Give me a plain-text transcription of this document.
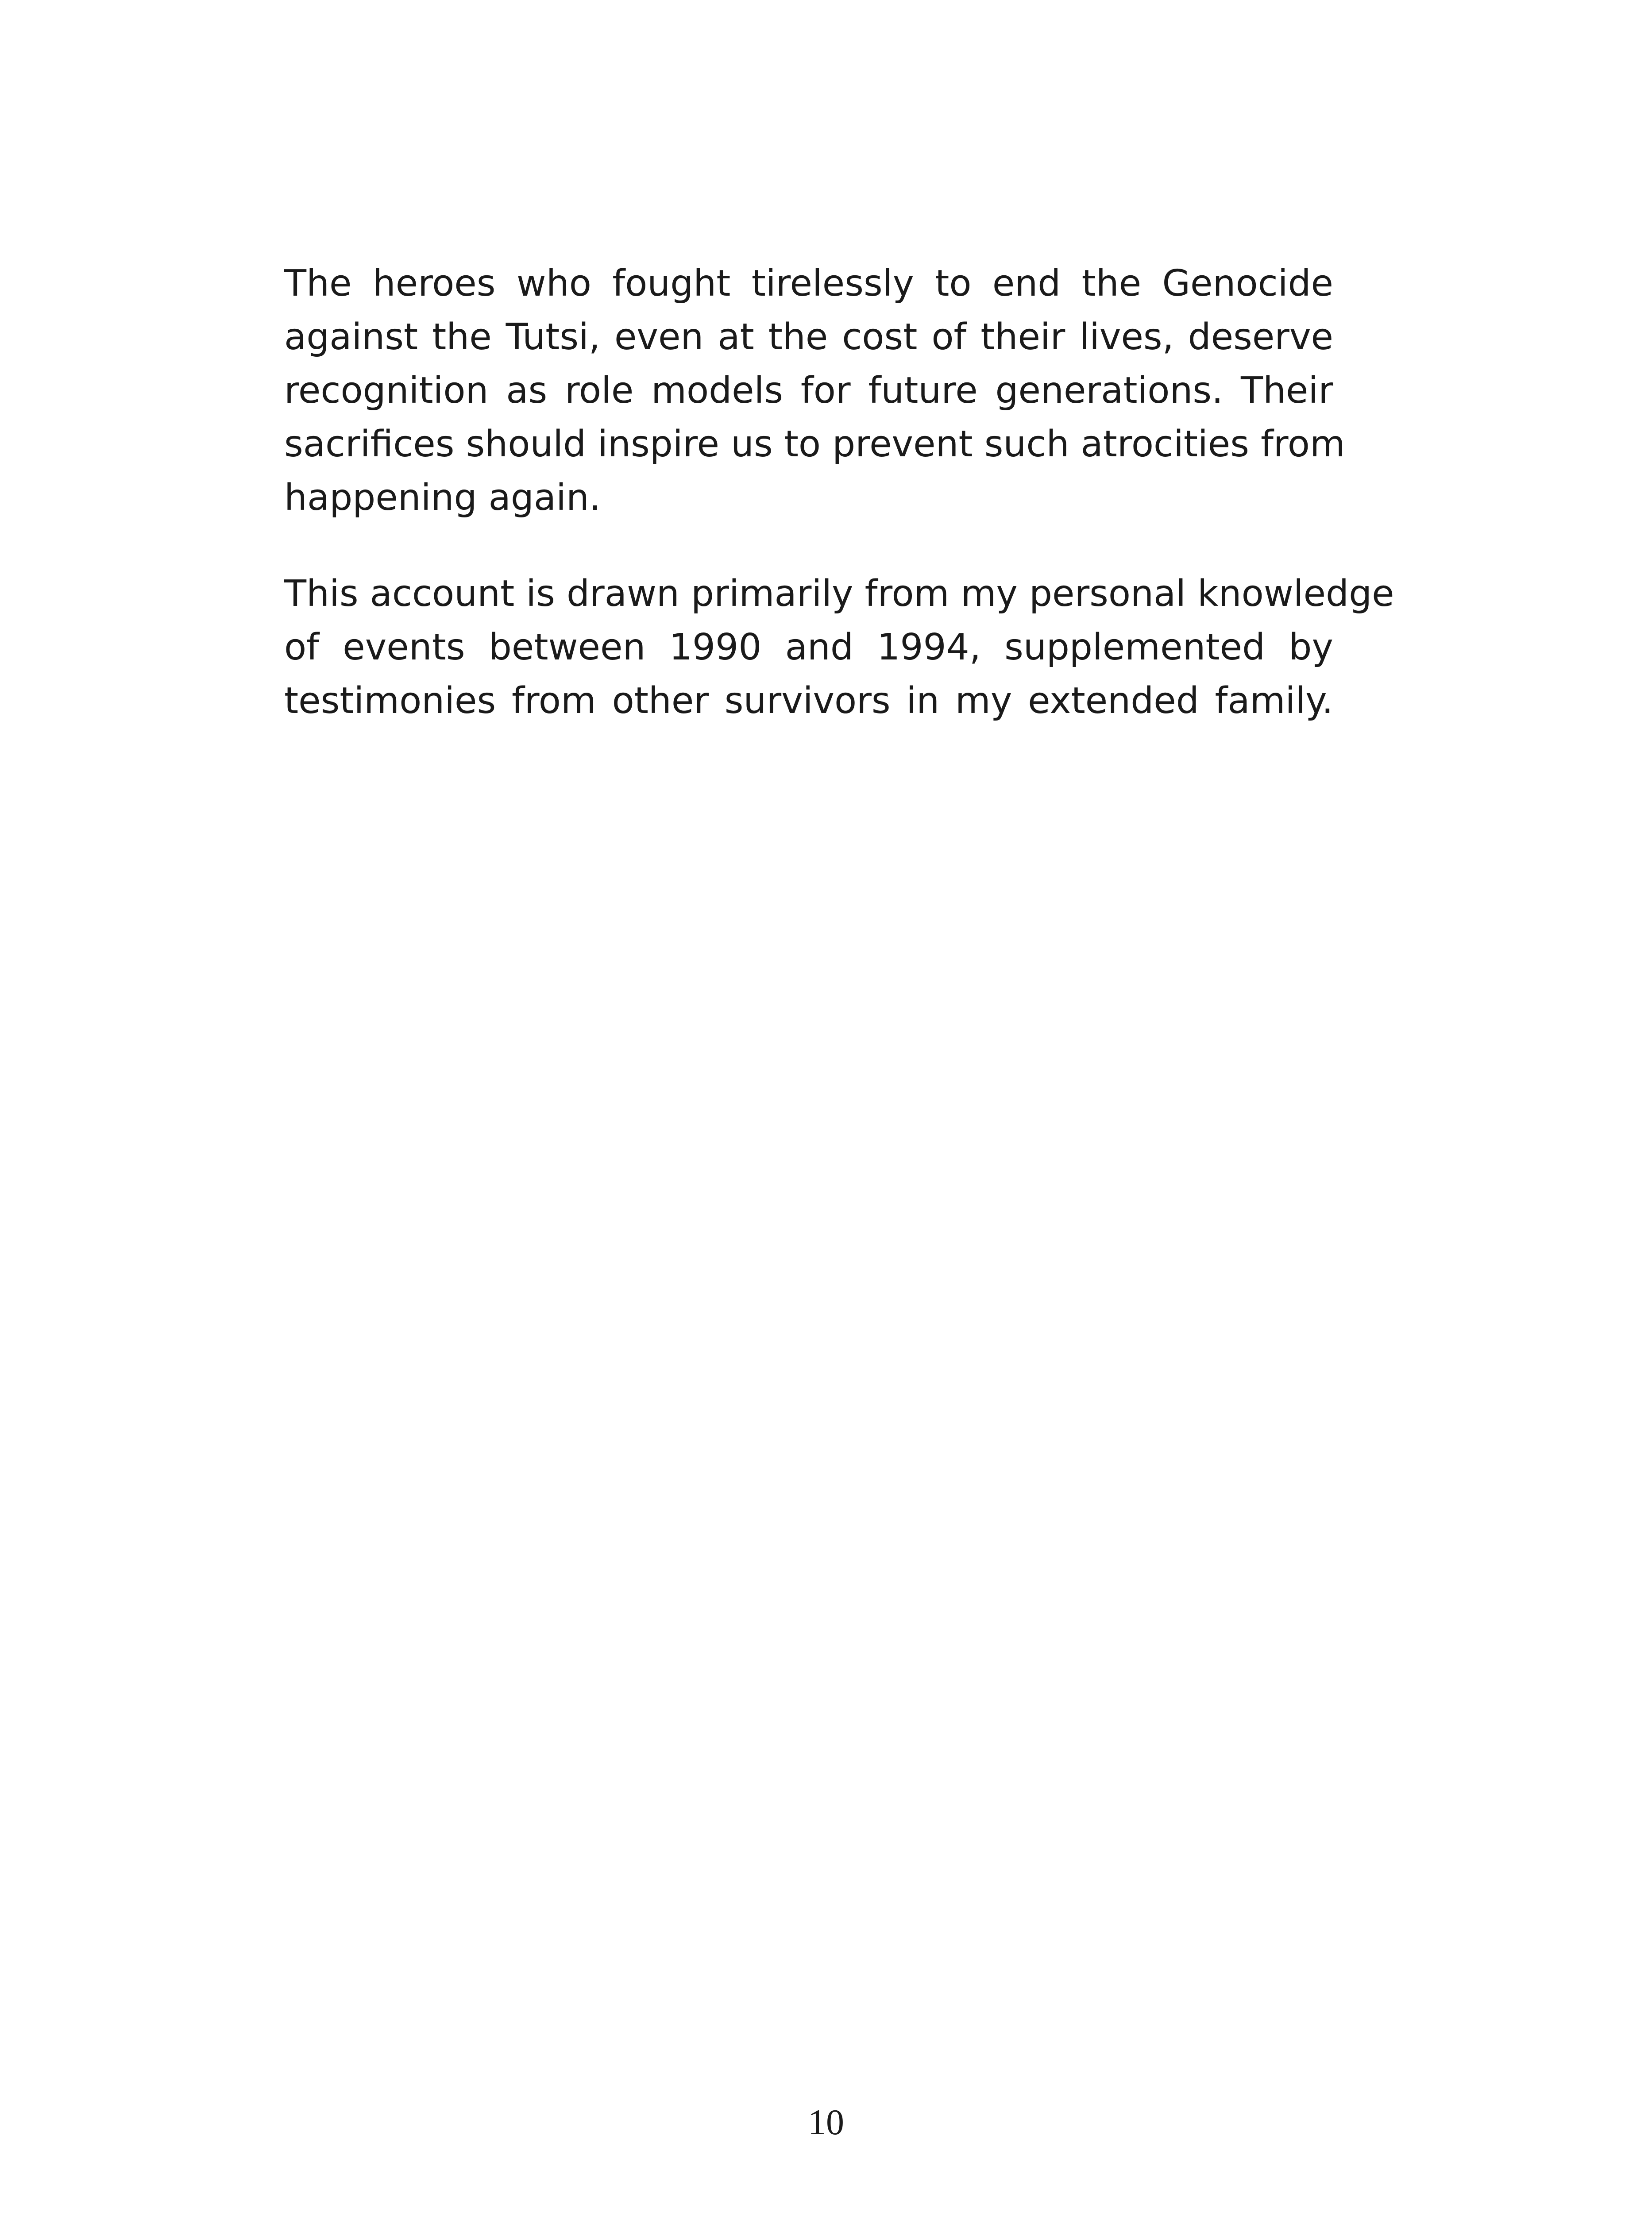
The heroes who fought tirelessly to end the Genocide
against the Tutsi, even at the cost of their lives, deserve
recognition as role models for future generations. Their
sacrifices should inspire us to prevent such atrocities from
happening again.

This account is drawn primarily from my personal knowledge
of events between 1990 and 1994, supplemented by
testimonies from other survivors in my extended family.

10
